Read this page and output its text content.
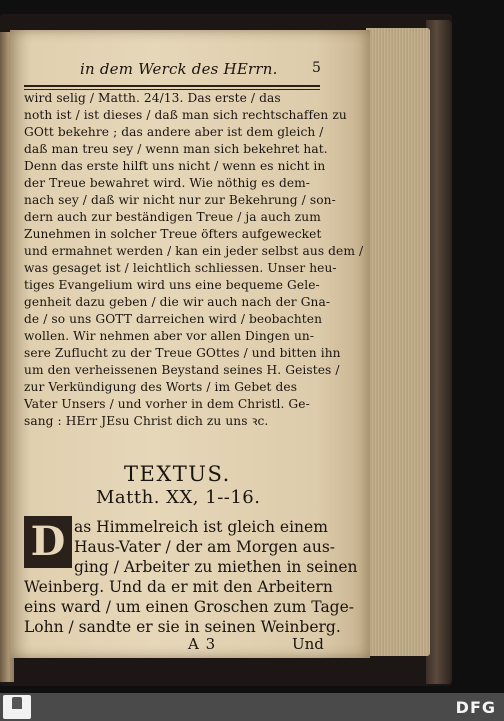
in dem Werck des HErrn. 5
wird selig / Matth. 24/13. Das erste / das
noth ist / ist dieses / daß man sich rechtschaffen zu
GOtt bekehre ; das andere aber ist dem gleich /
daß man treu sey / wenn man sich bekehret hat.
Denn das erste hilft uns nicht / wenn es nicht in
der Treue bewahret wird. Wie nöthig es dem-
nach sey / daß wir nicht nur zur Bekehrung / son-
dern auch zur beständigen Treue / ja auch zum
Zunehmen in solcher Treue öfters aufgewecket
und ermahnet werden / kan ein jeder selbst aus dem /
was gesaget ist / leichtlich schliessen. Unser heu-
tiges Evangelium wird uns eine bequeme Gele-
genheit dazu geben / die wir auch nach der Gna-
de / so uns GOTT darreichen wird / beobachten
wollen. Wir nehmen aber vor allen Dingen un-
sere Zuflucht zu der Treue GOttes / und bitten ihn
um den verheissenen Beystand seines H. Geistes /
zur Verkündigung des Worts / im Gebet des
Vater Unsers / und vorher in dem Christl. Ge-
sang : HErr JEsu Christ dich zu uns ꝛc.
TEXTUS.
Matth. XX, 1--16.
D as Himmelreich ist gleich einem
Haus-Vater / der am Morgen aus-
ging / Arbeiter zu miethen in seinen
Weinberg. Und da er mit den Arbeitern
eins ward / um einen Groschen zum Tage-
Lohn / sandte er sie in seinen Weinberg.
A 3	Und
DFG
